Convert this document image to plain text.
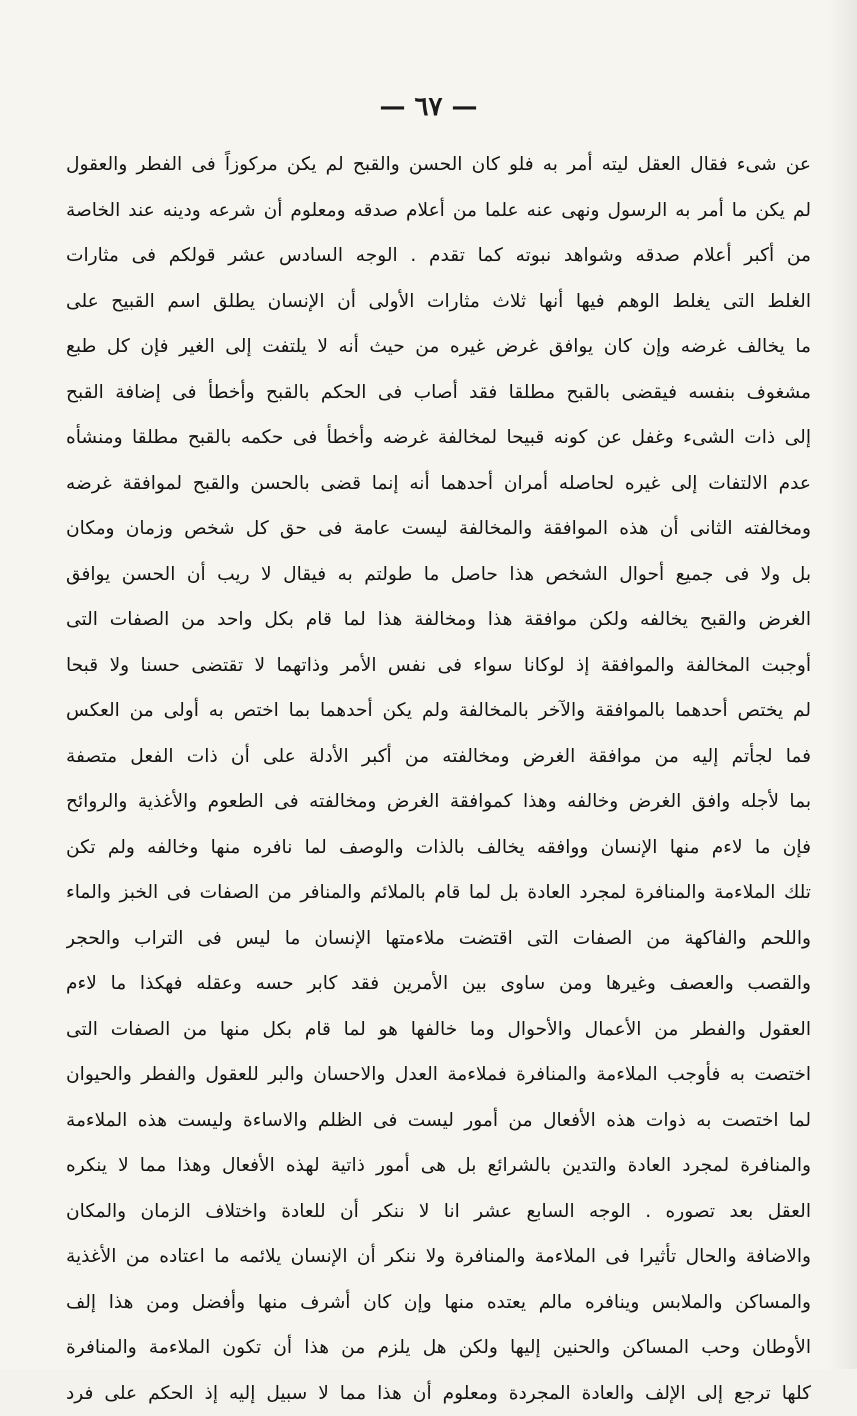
— ٦٧ —
عن شىء فقال العقل ليته أمر به فلو كان الحسن والقبح لم يكن مركوزاً فى الفطر والعقول
لم يكن ما أمر به الرسول ونهى عنه علما من أعلام صدقه ومعلوم أن شرعه ودينه عند الخاصة
من أكبر أعلام صدقه وشواهد نبوته كما تقدم . الوجه السادس عشر قولكم فى مثارات
الغلط التى يغلط الوهم فيها أنها ثلاث مثارات الأولى أن الإنسان يطلق اسم القبيح على
ما يخالف غرضه وإن كان يوافق غرض غيره من حيث أنه لا يلتفت إلى الغير فإن كل طبع
مشغوف بنفسه فيقضى بالقبح مطلقا فقد أصاب فى الحكم بالقبح وأخطأ فى إضافة القبح
إلى ذات الشىء وغفل عن كونه قبيحا لمخالفة غرضه وأخطأ فى حكمه بالقبح مطلقا ومنشأه
عدم الالتفات إلى غيره لحاصله أمران أحدهما أنه إنما قضى بالحسن والقبح لموافقة غرضه
ومخالفته الثانى أن هذه الموافقة والمخالفة ليست عامة فى حق كل شخص وزمان ومكان
بل ولا فى جميع أحوال الشخص هذا حاصل ما طولتم به فيقال لا ريب أن الحسن يوافق
الغرض والقبح يخالفه ولكن موافقة هذا ومخالفة هذا لما قام بكل واحد من الصفات التى
أوجبت المخالفة والموافقة إذ لوكانا سواء فى نفس الأمر وذاتهما لا تقتضى حسنا ولا قبحا
لم يختص أحدهما بالموافقة والآخر بالمخالفة ولم يكن أحدهما بما اختص به أولى من العكس
فما لجأتم إليه من موافقة الغرض ومخالفته من أكبر الأدلة على أن ذات الفعل متصفة
بما لأجله وافق الغرض وخالفه وهذا كموافقة الغرض ومخالفته فى الطعوم والأغذية والروائح
فإن ما لاءم منها الإنسان ووافقه يخالف بالذات والوصف لما نافره منها وخالفه ولم تكن
تلك الملاءمة والمنافرة لمجرد العادة بل لما قام بالملائم والمنافر من الصفات فى الخبز والماء
واللحم والفاكهة من الصفات التى اقتضت ملاءمتها الإنسان ما ليس فى التراب والحجر
والقصب والعصف وغيرها ومن ساوى بين الأمرين فقد كابر حسه وعقله فهكذا ما لاءم
العقول والفطر من الأعمال والأحوال وما خالفها هو لما قام بكل منها من الصفات التى
اختصت به فأوجب الملاءمة والمنافرة فملاءمة العدل والاحسان والبر للعقول والفطر والحيوان
لما اختصت به ذوات هذه الأفعال من أمور ليست فى الظلم والاساءة وليست هذه الملاءمة
والمنافرة لمجرد العادة والتدين بالشرائع بل هى أمور ذاتية لهذه الأفعال وهذا مما لا ينكره
العقل بعد تصوره . الوجه السابع عشر انا لا ننكر أن للعادة واختلاف الزمان والمكان
والاضافة والحال تأثيرا فى الملاءمة والمنافرة ولا ننكر أن الإنسان يلائمه ما اعتاده من الأغذية
والمساكن والملابس وينافره مالم يعتده منها وإن كان أشرف منها وأفضل ومن هذا إلف
الأوطان وحب المساكن والحنين إليها ولكن هل يلزم من هذا أن تكون الملاءمة والمنافرة
كلها ترجع إلى الإلف والعادة المجردة ومعلوم أن هذا مما لا سبيل إليه إذ الحكم على فرد
